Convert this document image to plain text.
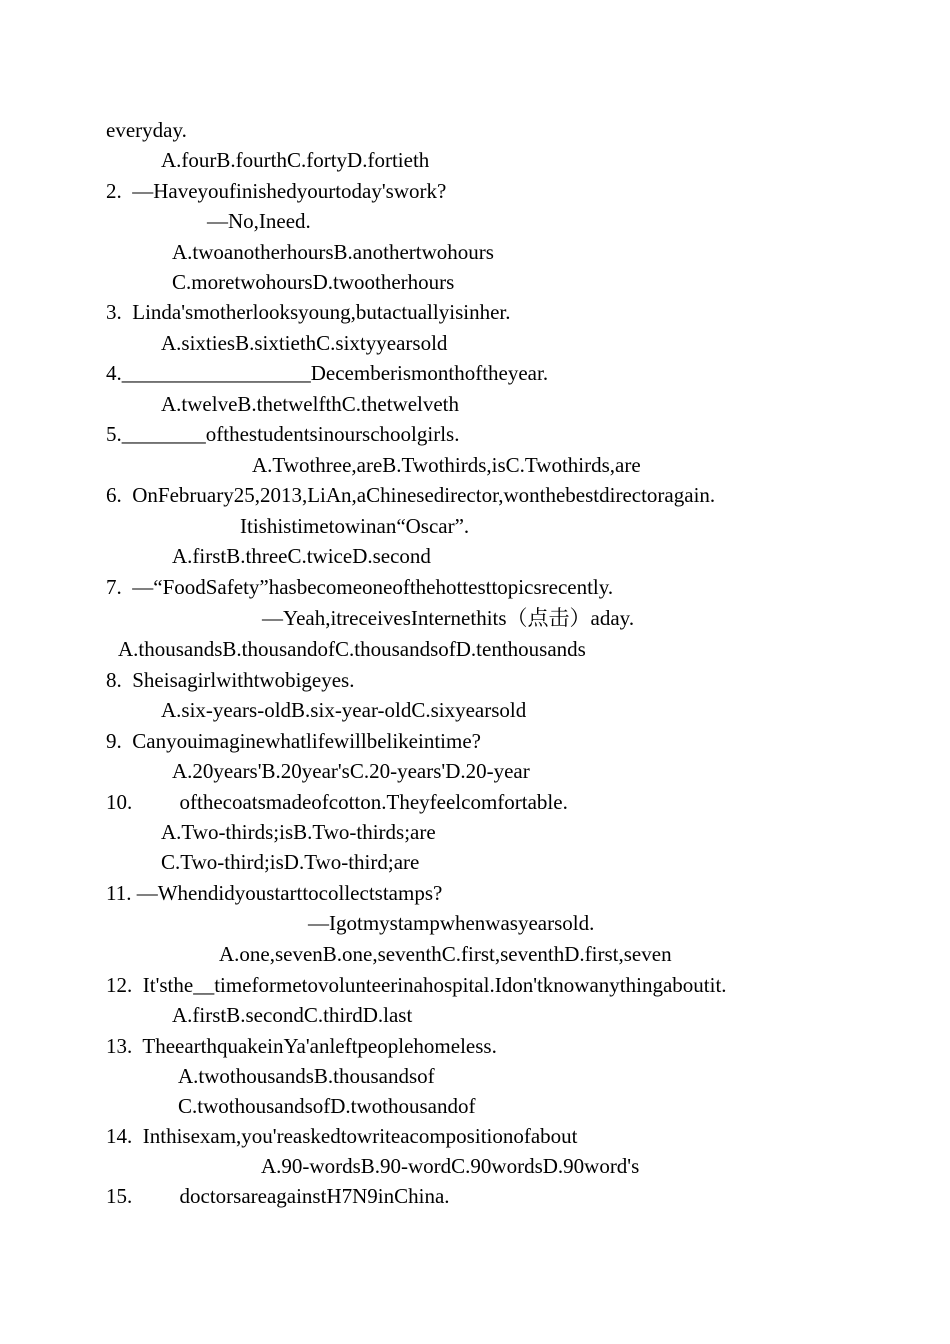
everyday.
A.fourB.fourthC.fortyD.fortieth
2.  —Haveyoufinishedyourtoday'swork?
—No,Ineed.
A.twoanotherhoursB.anothertwohours
C.moretwohoursD.twootherhours
3.  Linda'smotherlooksyoung,butactuallyisinher.
A.sixtiesB.sixtiethC.sixtyyearsold
4.__________________Decemberismonthoftheyear.
A.twelveB.thetwelfthC.thetwelveth
5.________ofthestudentsinourschoolgirls.
A.Twothree,areB.Twothirds,isC.Twothirds,are
6.  OnFebruary25,2013,LiAn,aChinesedirector,wonthebestdirectoragain.
Itishistimetowinan“Oscar”.
A.firstB.threeC.twiceD.second
7.  —“FoodSafety”hasbecomeoneofthehottesttopicsrecently.
—Yeah,itreceivesInternethits（点击）aday.
A.thousandsB.thousandofC.thousandsofD.tenthousands
8.  Sheisagirlwithtwobigeyes.
A.six-years-oldB.six-year-oldC.sixyearsold
9.  Canyouimaginewhatlifewillbelikeintime?
A.20years'B.20year'sC.20-years'D.20-year
10.         ofthecoatsmadeofcotton.Theyfeelcomfortable.
A.Two-thirds;isB.Two-thirds;are
C.Two-third;isD.Two-third;are
11. —Whendidyoustarttocollectstamps?
—Igotmystampwhenwasyearsold.
A.one,sevenB.one,seventhC.first,seventhD.first,seven
12.  It'sthe__timeformetovolunteerinahospital.Idon'tknowanythingaboutit.
A.firstB.secondC.thirdD.last
13.  TheearthquakeinYa'anleftpeoplehomeless.
A.twothousandsB.thousandsof
C.twothousandsofD.twothousandof
14.  Inthisexam,you'reaskedtowriteacompositionofabout
A.90-wordsB.90-wordC.90wordsD.90word's
15.         doctorsareagainstH7N9inChina.
